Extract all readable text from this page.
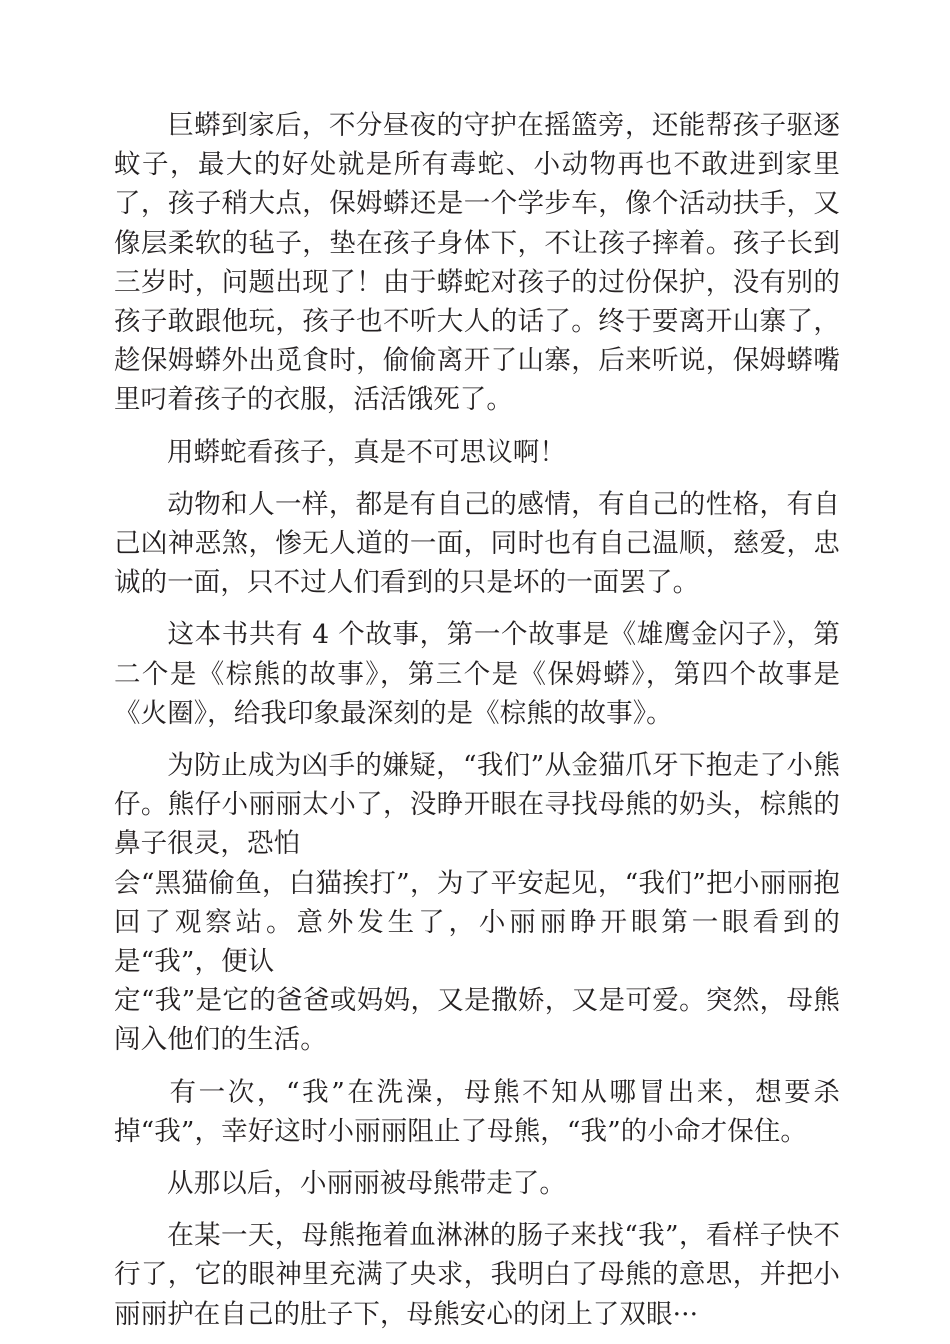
巨蟒到家后，不分昼夜的守护在摇篮旁，还能帮孩子驱逐蚊子，最大的好处就是所有毒蛇、小动物再也不敢进到家里了，孩子稍大点，保姆蟒还是一个学步车，像个活动扶手，又像层柔软的毡子，垫在孩子身体下，不让孩子摔着。孩子长到三岁时，问题出现了！由于蟒蛇对孩子的过份保护，没有别的孩子敢跟他玩，孩子也不听大人的话了。终于要离开山寨了，趁保姆蟒外出觅食时，偷偷离开了山寨，后来听说，保姆蟒嘴里叼着孩子的衣服，活活饿死了。

用蟒蛇看孩子，真是不可思议啊！

动物和人一样，都是有自己的感情，有自己的性格，有自己凶神恶煞，惨无人道的一面，同时也有自己温顺，慈爱，忠诚的一面，只不过人们看到的只是坏的一面罢了。

这本书共有 4 个故事，第一个故事是《雄鹰金闪子》，第二个是《棕熊的故事》，第三个是《保姆蟒》，第四个故事是《火圈》，给我印象最深刻的是《棕熊的故事》。

为防止成为凶手的嫌疑，“我们”从金猫爪牙下抱走了小熊仔。熊仔小丽丽太小了，没睁开眼在寻找母熊的奶头，棕熊的鼻子很灵，恐怕
会“黑猫偷鱼，白猫挨打”，为了平安起见，“我们”把小丽丽抱回了观察站。意外发生了，小丽丽睁开眼第一眼看到的是“我”，便认
定“我”是它的爸爸或妈妈，又是撒娇，又是可爱。突然，母熊闯入他们的生活。

有一次，“我”在洗澡，母熊不知从哪冒出来，想要杀掉“我”，幸好这时小丽丽阻止了母熊，“我”的小命才保住。

从那以后，小丽丽被母熊带走了。

在某一天，母熊拖着血淋淋的肠子来找“我”，看样子快不行了，它的眼神里充满了央求，我明白了母熊的意思，并把小丽丽护在自己的肚子下，母熊安心的闭上了双眼···
